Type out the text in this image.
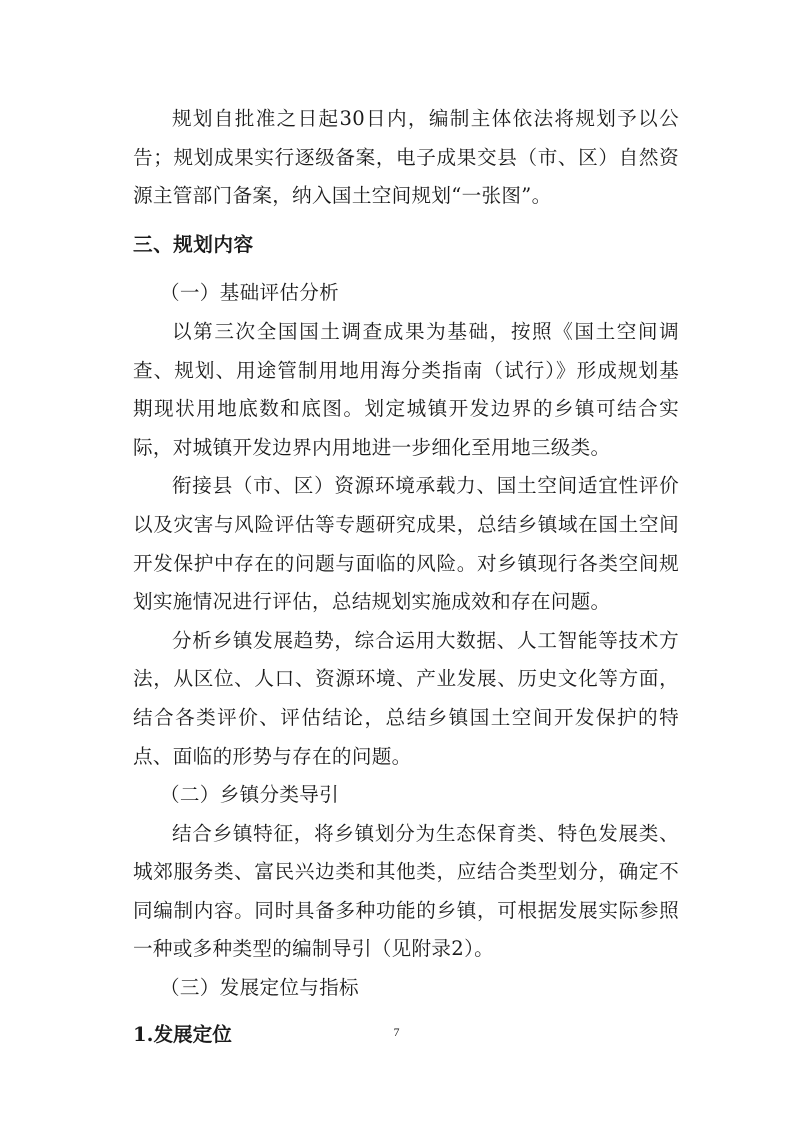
规划自批准之日起30日内，编制主体依法将规划予以公告；规划成果实行逐级备案，电子成果交县（市、区）自然资源主管部门备案，纳入国土空间规划“一张图”。

三、规划内容

（一）基础评估分析

以第三次全国国土调查成果为基础，按照《国土空间调查、规划、用途管制用地用海分类指南（试行）》形成规划基期现状用地底数和底图。划定城镇开发边界的乡镇可结合实际，对城镇开发边界内用地进一步细化至用地三级类。

衔接县（市、区）资源环境承载力、国土空间适宜性评价以及灾害与风险评估等专题研究成果，总结乡镇域在国土空间开发保护中存在的问题与面临的风险。对乡镇现行各类空间规划实施情况进行评估，总结规划实施成效和存在问题。

分析乡镇发展趋势，综合运用大数据、人工智能等技术方法，从区位、人口、资源环境、产业发展、历史文化等方面，结合各类评价、评估结论，总结乡镇国土空间开发保护的特点、面临的形势与存在的问题。

（二）乡镇分类导引

结合乡镇特征，将乡镇划分为生态保育类、特色发展类、城郊服务类、富民兴边类和其他类，应结合类型划分，确定不同编制内容。同时具备多种功能的乡镇，可根据发展实际参照一种或多种类型的编制导引（见附录2）。

（三）发展定位与指标

1.发展定位	7
